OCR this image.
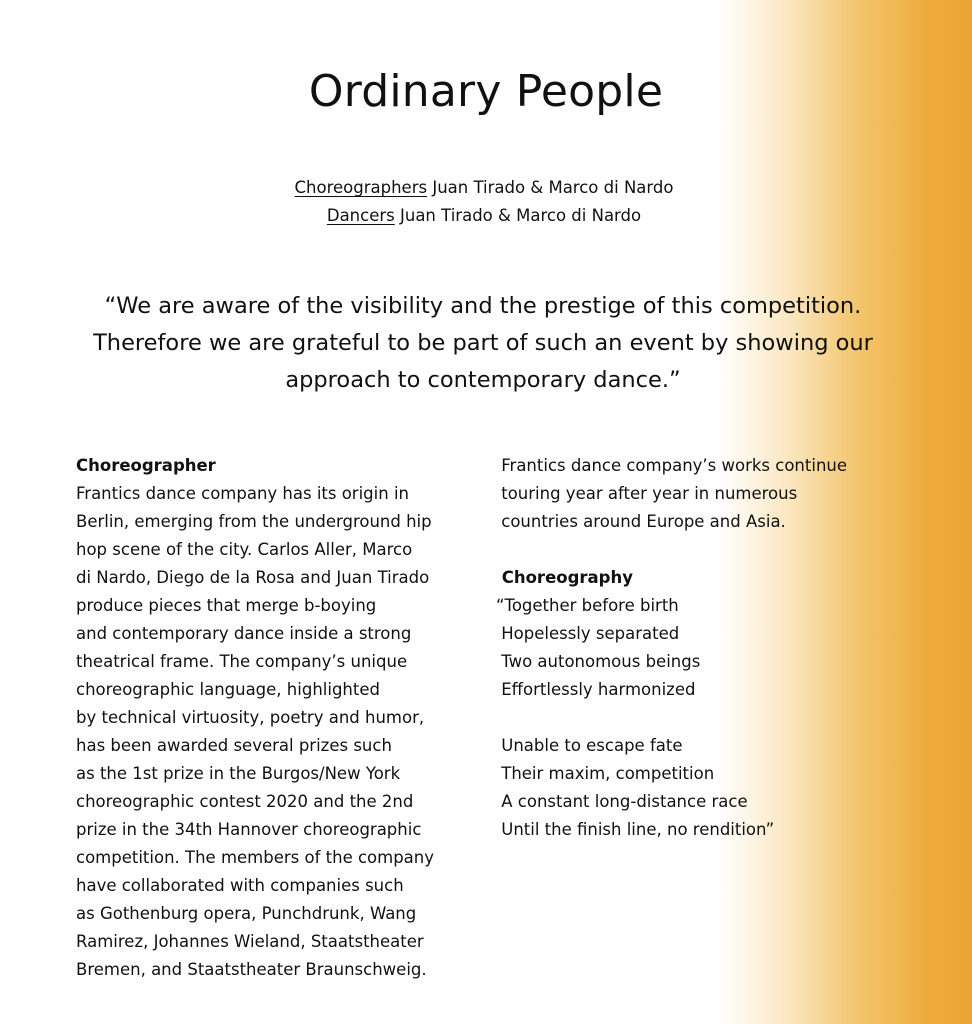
Ordinary People
Choreographers Juan Tirado & Marco di Nardo
Dancers Juan Tirado & Marco di Nardo

“We are aware of the visibility and the prestige of this competition. Therefore we are grateful to be part of such an event by showing our approach to contemporary dance.”

Choreographer
Frantics dance company has its origin in
Berlin, emerging from the underground hip
hop scene of the city. Carlos Aller, Marco
di Nardo, Diego de la Rosa and Juan Tirado
produce pieces that merge b-boying
and contemporary dance inside a strong
theatrical frame. The company’s unique
choreographic language, highlighted
by technical virtuosity, poetry and humor,
has been awarded several prizes such
as the 1st prize in the Burgos/New York
choreographic contest 2020 and the 2nd
prize in the 34th Hannover choreographic
competition. The members of the company
have collaborated with companies such
as Gothenburg opera, Punchdrunk, Wang
Ramirez, Johannes Wieland, Staatstheater
Bremen, and Staatstheater Braunschweig.
Frantics dance company’s works continue
touring year after year in numerous
countries around Europe and Asia.
Choreography
“Together before birth
Hopelessly separated
Two autonomous beings
Effortlessly harmonized
Unable to escape fate
Their maxim, competition
A constant long-distance race
Until the finish line, no rendition”
